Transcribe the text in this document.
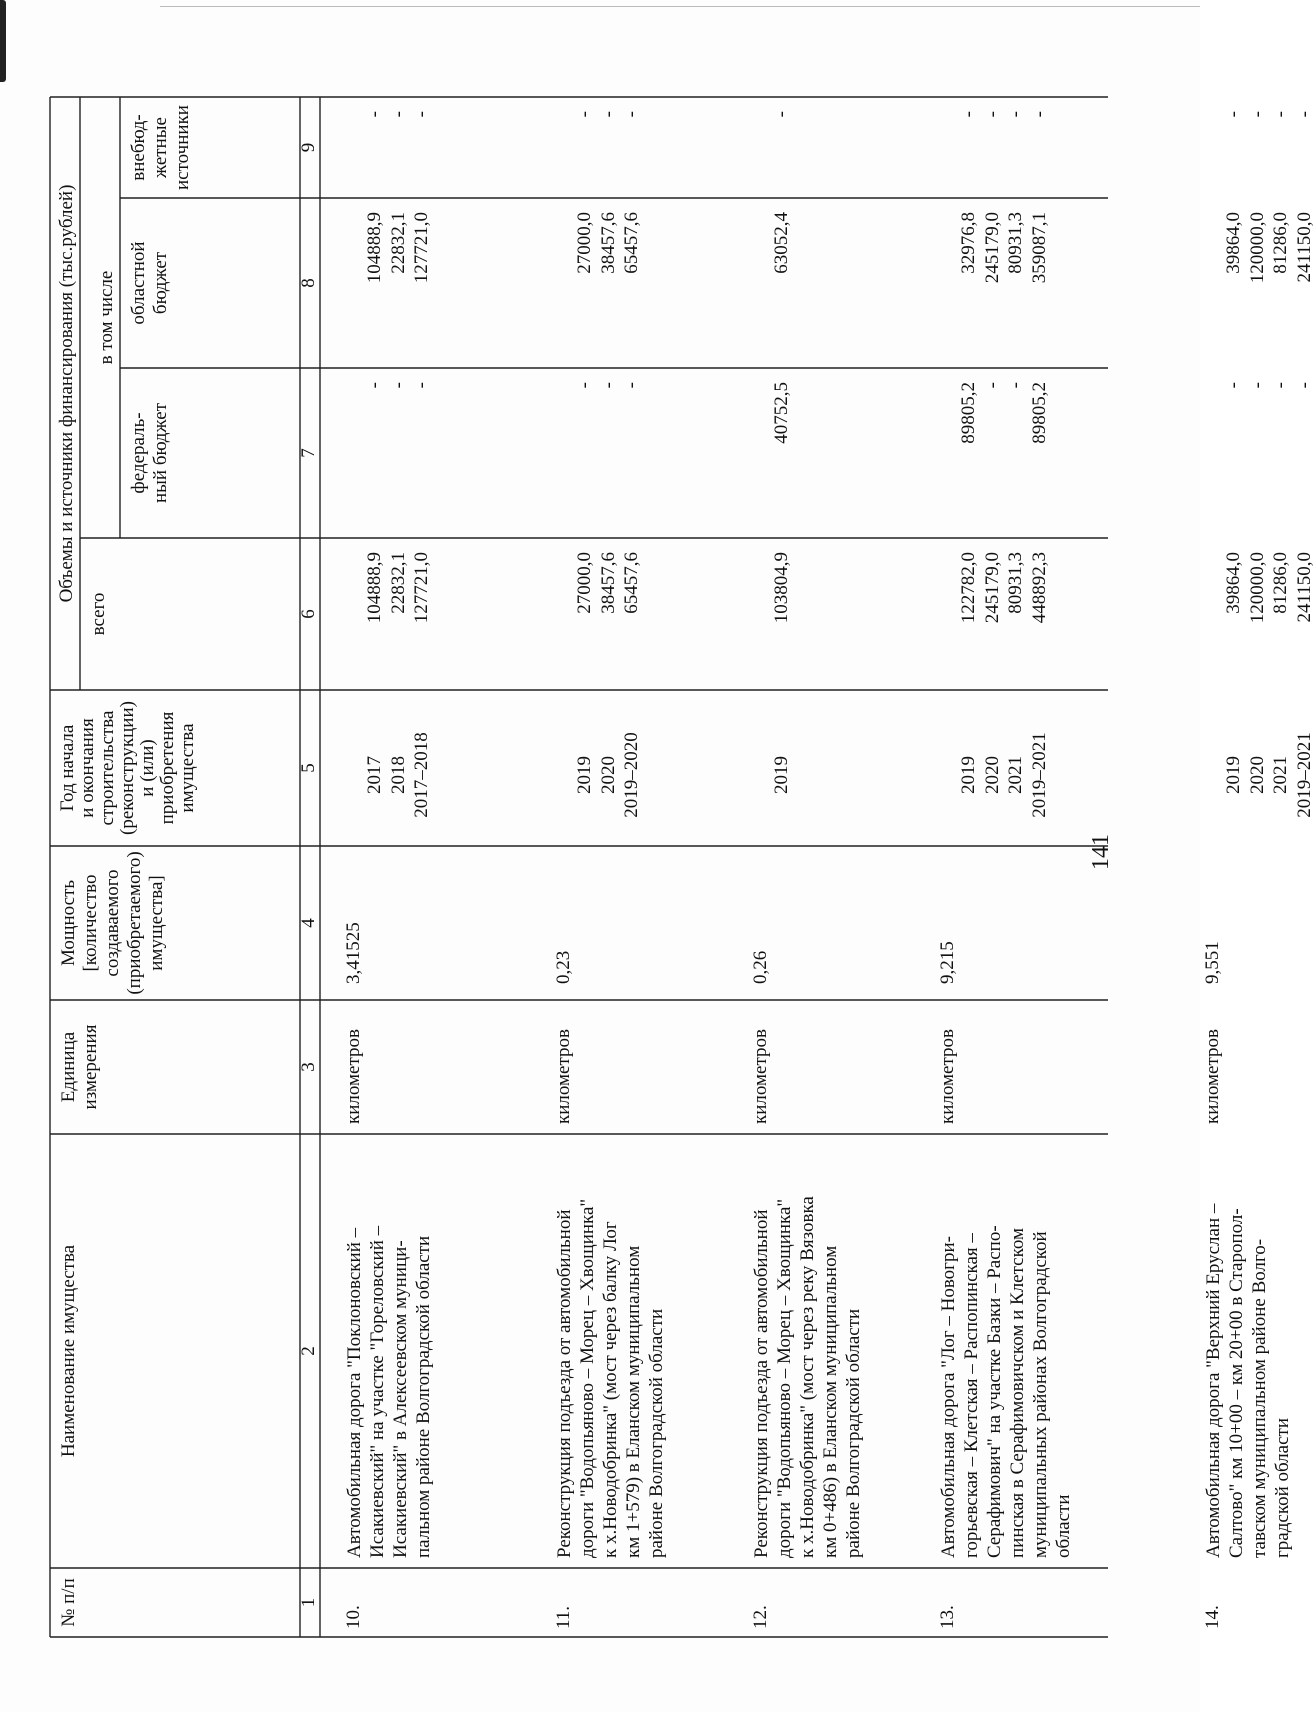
141
№ п/п
Наименование имущества
Единица измерения
Мощность [количество создаваемого (приобретаемого) имущества]
Год начала и окончания строительства (реконструкции) и (или) приобретения имущества
Объемы и источники финансирования (тыс.рублей)
всего
в том числе
федераль- ный бюджет
областной бюджет
внебюд- жетные источники
1
2
3
4
5
6
7
8
9
10.
Автомобильная дорога "Поклоновский – Исакиевский" на участке "Гореловский – Исакиевский" в Алексеевском муници- пальном районе Волгоградской области
километров
3,41525
2017 2018 2017–2018
104888,9 22832,1 127721,0
- - -
104888,9 22832,1 127721,0
- - -
11.
Реконструкция подъезда от автомобильной дороги "Водопьяново – Морец – Хвощинка" к х.Новодобринка" (мост через балку Лог км 1+579) в Еланском муниципальном районе Волгоградской области
километров
0,23
2019 2020 2019–2020
27000,0 38457,6 65457,6
- - -
27000,0 38457,6 65457,6
- - -
12.
Реконструкция подъезда от автомобильной дороги "Водопьяново – Морец – Хвощинка" к х.Новодобринка" (мост через реку Вязовка км 0+486) в Еланском муниципальном районе Волгоградской области
километров
0,26
2019
103804,9
40752,5
63052,4
-
13.
Автомобильная дорога "Лог – Новогри- горьевская – Клетская – Распопинская – Серафимович" на участке Базки – Распо- пинская в Серафимовичском и Клетском муниципальных районах Волгоградской области
километров
9,215
2019 2020 2021 2019–2021
122782,0 245179,0 80931,3 448892,3
89805,2 - - 89805,2
32976,8 245179,0 80931,3 359087,1
- - - -
14.
Автомобильная дорога "Верхний Еруслан – Салтово" км 10+00 – км 20+00 в Старопол- тавском муниципальном районе Волго- градской области
километров
9,551
2019 2020 2021 2019–2021
39864,0 120000,0 81286,0 241150,0
- - - -
39864,0 120000,0 81286,0 241150,0
- - - -
